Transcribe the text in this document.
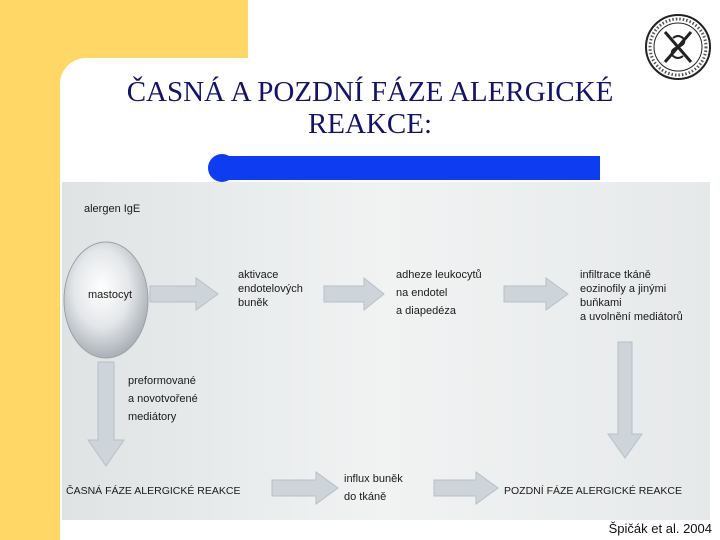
ČASNÁ A POZDNÍ FÁZE ALERGICKÉ
REAKCE:
alergen IgE
mastocyt
aktivace
endotelových
buněk
adheze leukocytů
na endotel
a diapedéza
infiltrace tkáně
eozinofily a jinými
buňkami
a uvolnění mediátorů
preformované
a novotvořené
mediátory
ČASNÁ FÁZE ALERGICKÉ REAKCE
influx buněk
do tkáně	POZDNÍ FÁZE ALERGICKÉ REAKCE
Špičák et al. 2004
